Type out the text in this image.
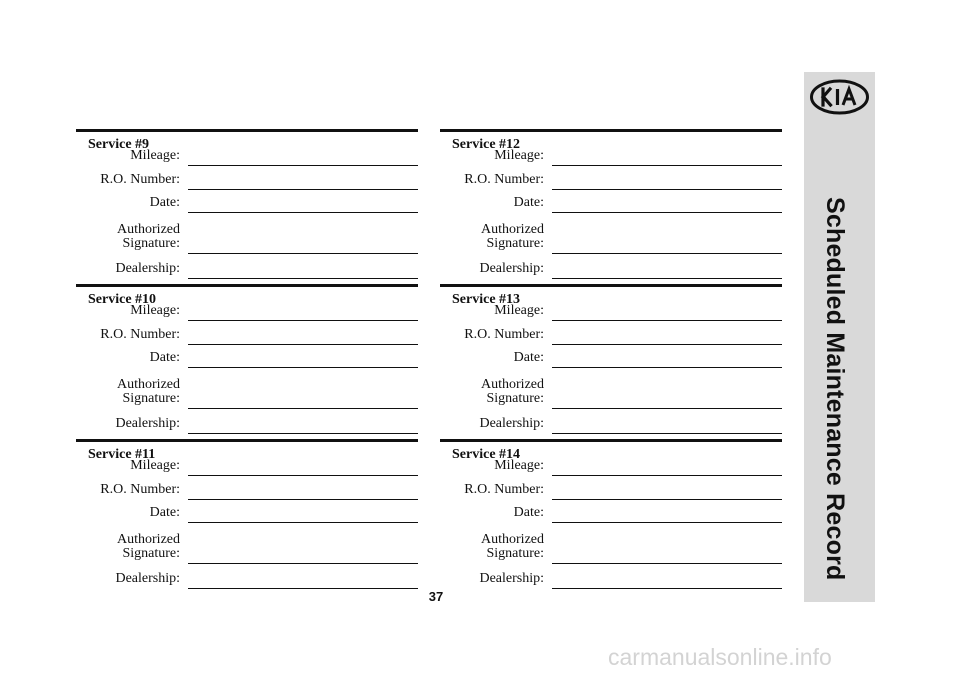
Service #9
Mileage:
R.O. Number:
Date:
Authorized
Signature:
Dealership:
Service #10
Mileage:
R.O. Number:
Date:
Authorized
Signature:
Dealership:
Service #11
Mileage:
R.O. Number:
Date:
Authorized
Signature:
Dealership:
Service #12
Mileage:
R.O. Number:
Date:
Authorized
Signature:
Dealership:
Service #13
Mileage:
R.O. Number:
Date:
Authorized
Signature:
Dealership:
Service #14
Mileage:
R.O. Number:
Date:
Authorized
Signature:
Dealership:	Scheduled Maintenance Record
37
carmanualsonline.info
